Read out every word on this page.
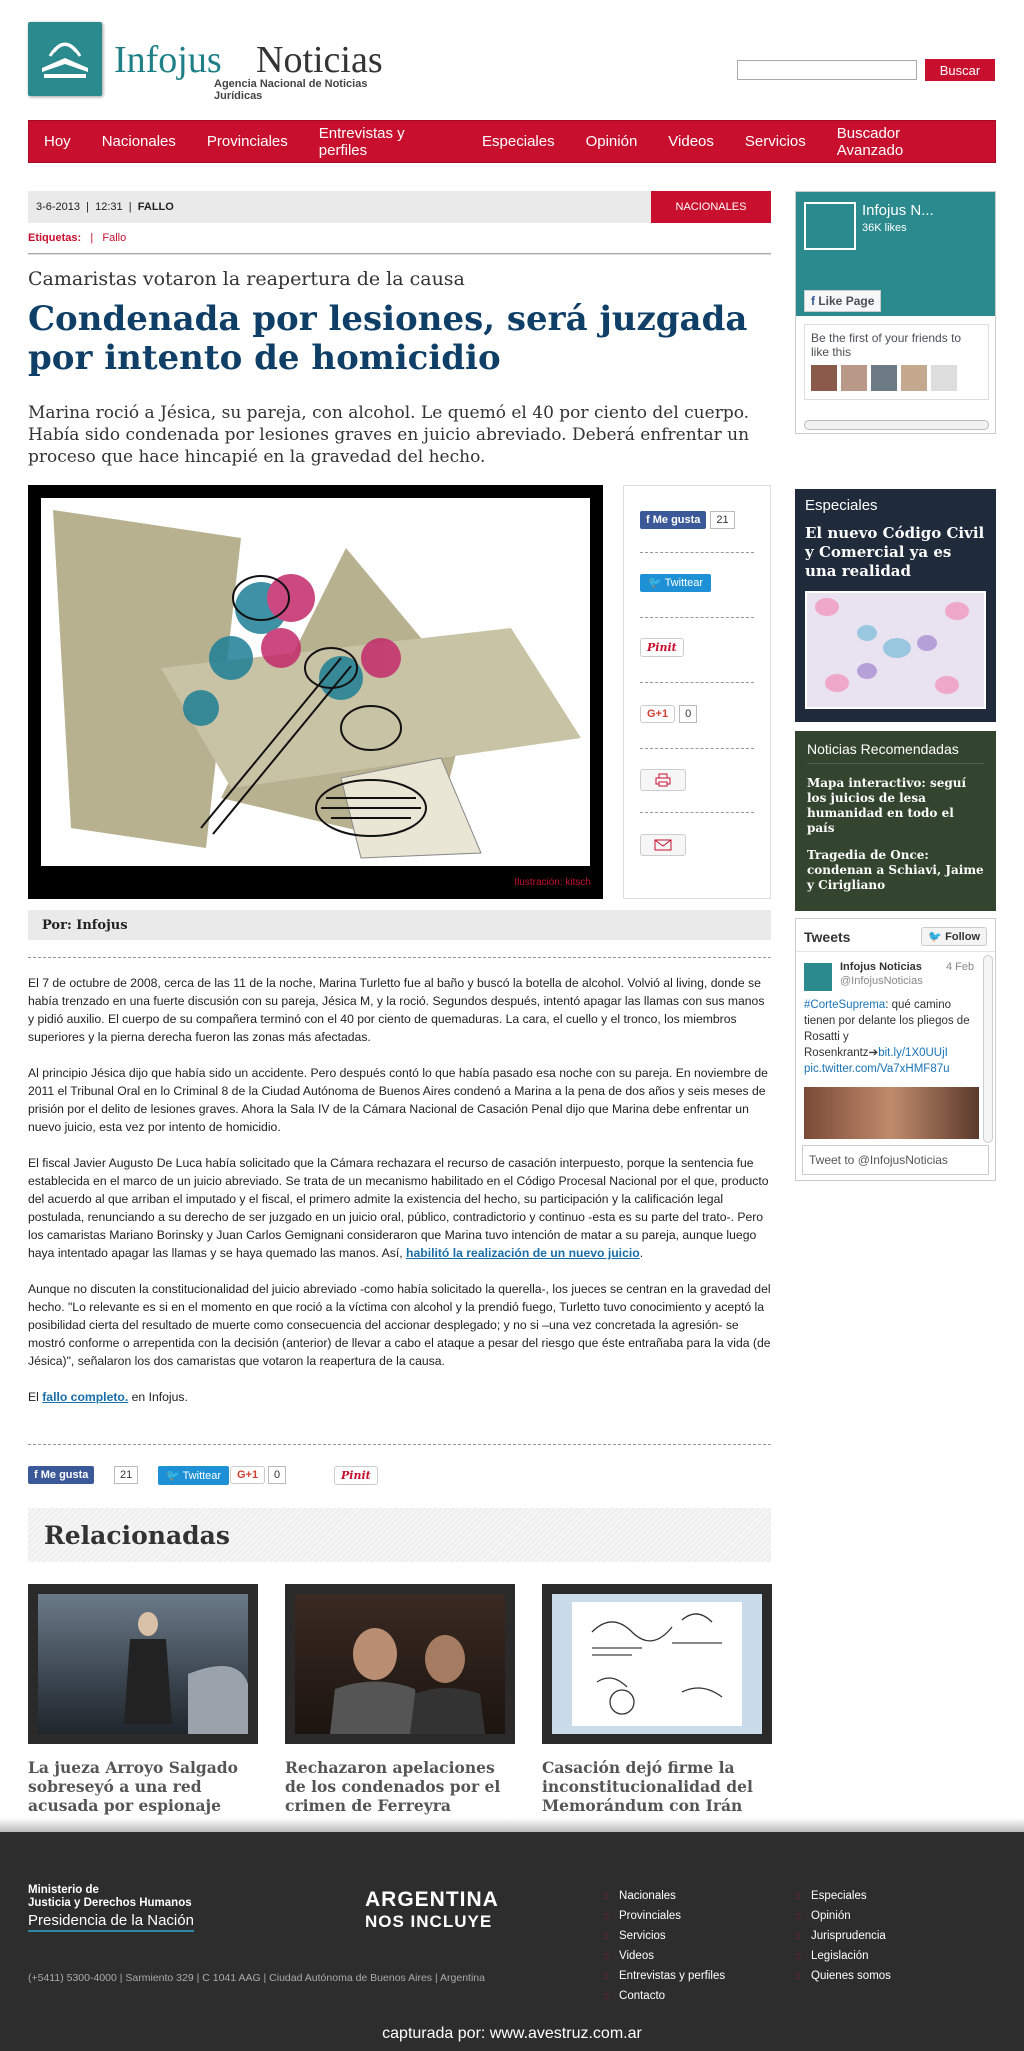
Infojus Noticias
Agencia Nacional de Noticias Jurídicas
Buscar
Hoy Nacionales Provinciales Entrevistas y perfiles	Especiales Opinión Videos Servicios Buscador Avanzado
3-6-2013 | 12:31 | FALLO	NACIONALES
Etiquetas:   |   Fallo
Camaristas votaron la reapertura de la causa
Condenada por lesiones, será juzgada por intento de homicidio
Marina roció a Jésica, su pareja, con alcohol. Le quemó el 40 por ciento del cuerpo. Había sido condenada por lesiones graves en juicio abreviado. Deberá enfrentar un proceso que hace hincapié en la gravedad del hecho.
Ilustración: kitsch
f Me gusta	21
🐦 Twittear
Pinit
G+1	0
Por: Infojus

El 7 de octubre de 2008, cerca de las 11 de la noche, Marina Turletto fue al baño y buscó la botella de alcohol. Volvió al living, donde se había trenzado en una fuerte discusión con su pareja, Jésica M, y la roció. Segundos después, intentó apagar las llamas con sus manos y pidió auxilio. El cuerpo de su compañera terminó con el 40 por ciento de quemaduras. La cara, el cuello y el tronco, los miembros superiores y la pierna derecha fueron las zonas más afectadas.

Al principio Jésica dijo que había sido un accidente. Pero después contó lo que había pasado esa noche con su pareja. En noviembre de 2011 el Tribunal Oral en lo Criminal 8 de la Ciudad Autónoma de Buenos Aires condenó a Marina a la pena de dos años y seis meses de prisión por el delito de lesiones graves. Ahora la Sala IV de la Cámara Nacional de Casación Penal dijo que Marina debe enfrentar un nuevo juicio, esta vez por intento de homicidio.

El fiscal Javier Augusto De Luca había solicitado que la Cámara rechazara el recurso de casación interpuesto, porque la sentencia fue establecida en el marco de un juicio abreviado. Se trata de un mecanismo habilitado en el Código Procesal Nacional por el que, producto del acuerdo al que arriban el imputado y el fiscal, el primero admite la existencia del hecho, su participación y la calificación legal postulada, renunciando a su derecho de ser juzgado en un juicio oral, público, contradictorio y continuo -esta es su parte del trato-. Pero los camaristas Mariano Borinsky y Juan Carlos Gemignani consideraron que Marina tuvo intención de matar a su pareja, aunque luego haya intentado apagar las llamas y se haya quemado las manos. Así, habilitó la realización de un nuevo juicio.

Aunque no discuten la constitucionalidad del juicio abreviado -como había solicitado la querella-, los jueces se centran en la gravedad del hecho. "Lo relevante es si en el momento en que roció a la víctima con alcohol y la prendió fuego, Turletto tuvo conocimiento y aceptó la posibilidad cierta del resultado de muerte como consecuencia del accionar desplegado; y no si –una vez concretada la agresión- se mostró conforme o arrepentida con la decisión (anterior) de llevar a cabo el ataque a pesar del riesgo que éste entrañaba para la vida (de Jésica)", señalaron los dos camaristas que votaron la reapertura de la causa.

El fallo completo. en Infojus.

f Me gusta	21	🐦 Twittear	G+1	0	Pinit
Relacionadas
La jueza Arroyo Salgado sobreseyó a una red acusada por espionaje
Rechazaron apelaciones de los condenados por el crimen de Ferreyra
Casación dejó firme la inconstitucionalidad del Memorándum con Irán
Infojus N...
36K likes
f Like Page
Be the first of your friends to like this
Especiales
El nuevo Código Civil y Comercial ya es una realidad
Noticias Recomendadas
Mapa interactivo: seguí los juicios de lesa humanidad en todo el país
Tragedia de Once: condenan a Schiavi, Jaime y Cirigliano
Tweets	🐦 Follow
Infojus Noticias
@InfojusNoticias
4 Feb
#CorteSuprema: qué camino tienen por delante los pliegos de Rosatti y Rosenkrantz➔bit.ly/1X0UUjI
pic.twitter.com/Va7xHMF87u
Tweet to @InfojusNoticias
Ministerio de
Justicia y Derechos Humanos
Presidencia de la Nación
ARGENTINA
NOS INCLUYE
(+5411) 5300-4000 | Sarmiento 329 | C 1041 AAG | Ciudad Autónoma de Buenos Aires | Argentina
:: Nacionales
:: Provinciales
:: Servicios
:: Videos
:: Entrevistas y perfiles
:: Contacto
:: Especiales
:: Opinión
:: Jurisprudencia
:: Legislación
:: Quienes somos
capturada por: www.avestruz.com.ar
